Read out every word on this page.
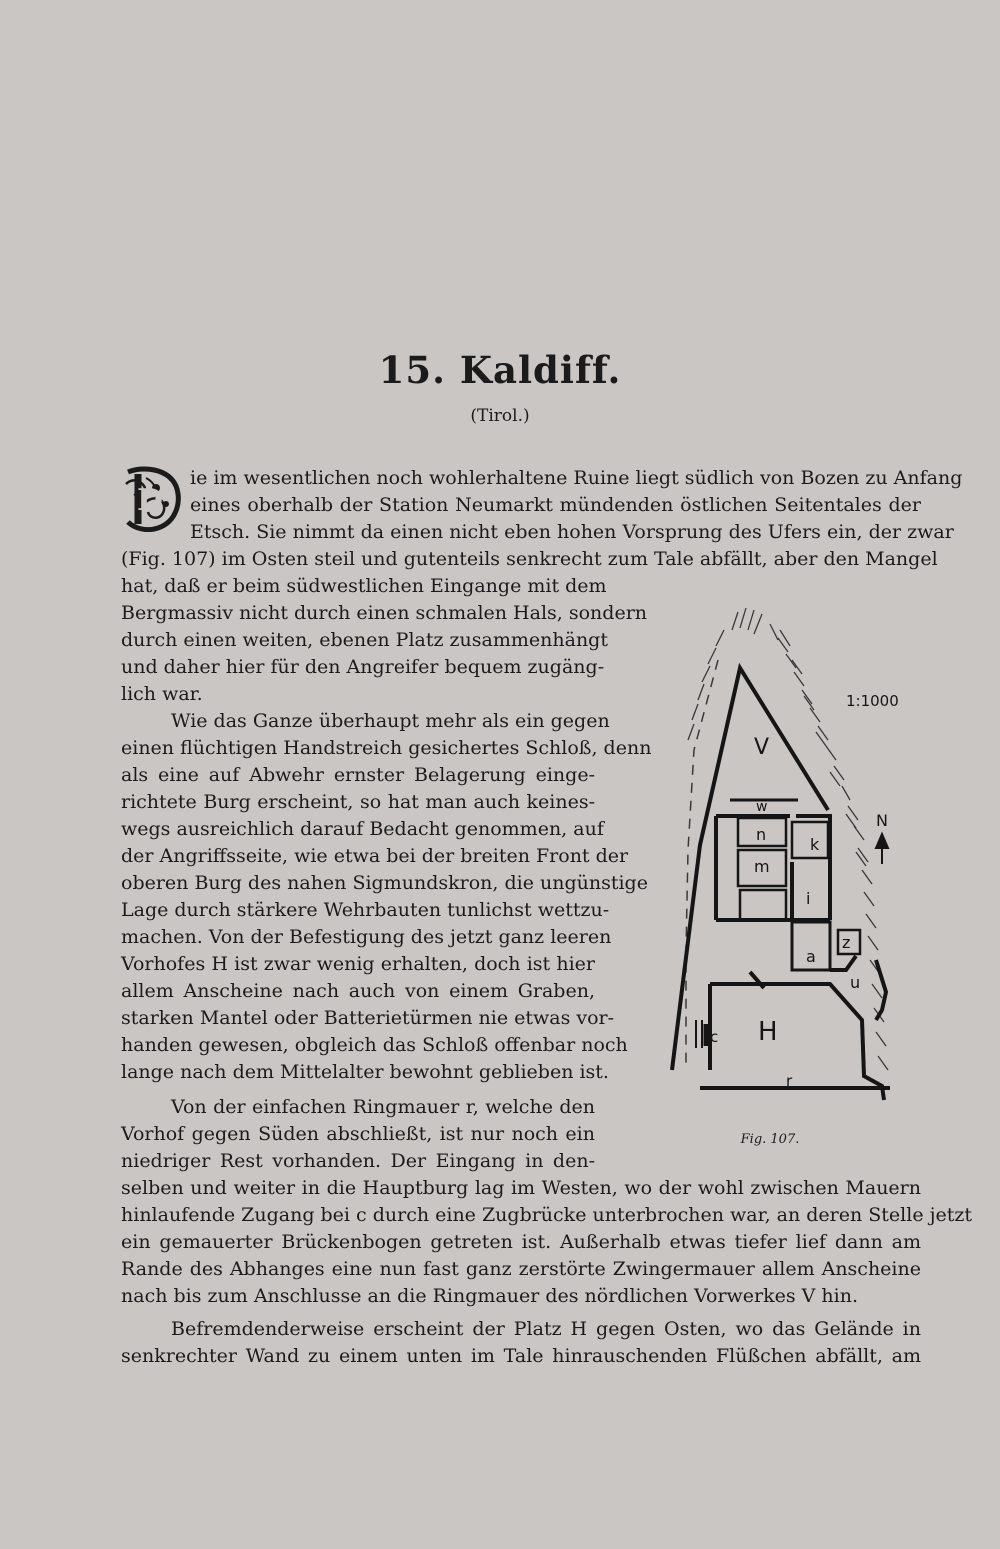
15. Kaldiff.
(Tirol.)
D
ie im wesentlichen noch wohlerhaltene Ruine liegt südlich von Bozen zu Anfang
eines oberhalb der Station Neumarkt mündenden östlichen Seitentales der
Etsch. Sie nimmt da einen nicht eben hohen Vorsprung des Ufers ein, der zwar
(Fig. 107) im Osten steil und gutenteils senkrecht zum Tale abfällt, aber den Mangel
hat, daß er beim südwestlichen Eingange mit dem
Bergmassiv nicht durch einen schmalen Hals, sondern
durch einen weiten, ebenen Platz zusammenhängt
und daher hier für den Angreifer bequem zugäng-
lich war.
Wie das Ganze überhaupt mehr als ein gegen
einen flüchtigen Handstreich gesichertes Schloß, denn
als eine auf Abwehr ernster Belagerung einge-
richtete Burg erscheint, so hat man auch keines-
wegs ausreichlich darauf Bedacht genommen, auf
der Angriffsseite, wie etwa bei der breiten Front der
oberen Burg des nahen Sigmundskron, die ungünstige
Lage durch stärkere Wehrbauten tunlichst wettzu-
machen. Von der Befestigung des jetzt ganz leeren
Vorhofes H ist zwar wenig erhalten, doch ist hier
allem Anscheine nach auch von einem Graben,
starken Mantel oder Batterietürmen nie etwas vor-
handen gewesen, obgleich das Schloß offenbar noch
lange nach dem Mittelalter bewohnt geblieben ist.
Von der einfachen Ringmauer r, welche den
Vorhof gegen Süden abschließt, ist nur noch ein
niedriger Rest vorhanden. Der Eingang in den-
selben und weiter in die Hauptburg lag im Westen, wo der wohl zwischen Mauern
hinlaufende Zugang bei c durch eine Zugbrücke unterbrochen war, an deren Stelle jetzt
ein gemauerter Brückenbogen getreten ist. Außerhalb etwas tiefer lief dann am
Rande des Abhanges eine nun fast ganz zerstörte Zwingermauer allem Anscheine
nach bis zum Anschlusse an die Ringmauer des nördlichen Vorwerkes V hin.
Befremdenderweise erscheint der Platz H gegen Osten, wo das Gelände in
senkrechter Wand zu einem unten im Tale hinrauschenden Flüßchen abfällt, am
N
1:1000
V
w
n
k
m
i
z
a
u
H
c
r
Fig. 107.
